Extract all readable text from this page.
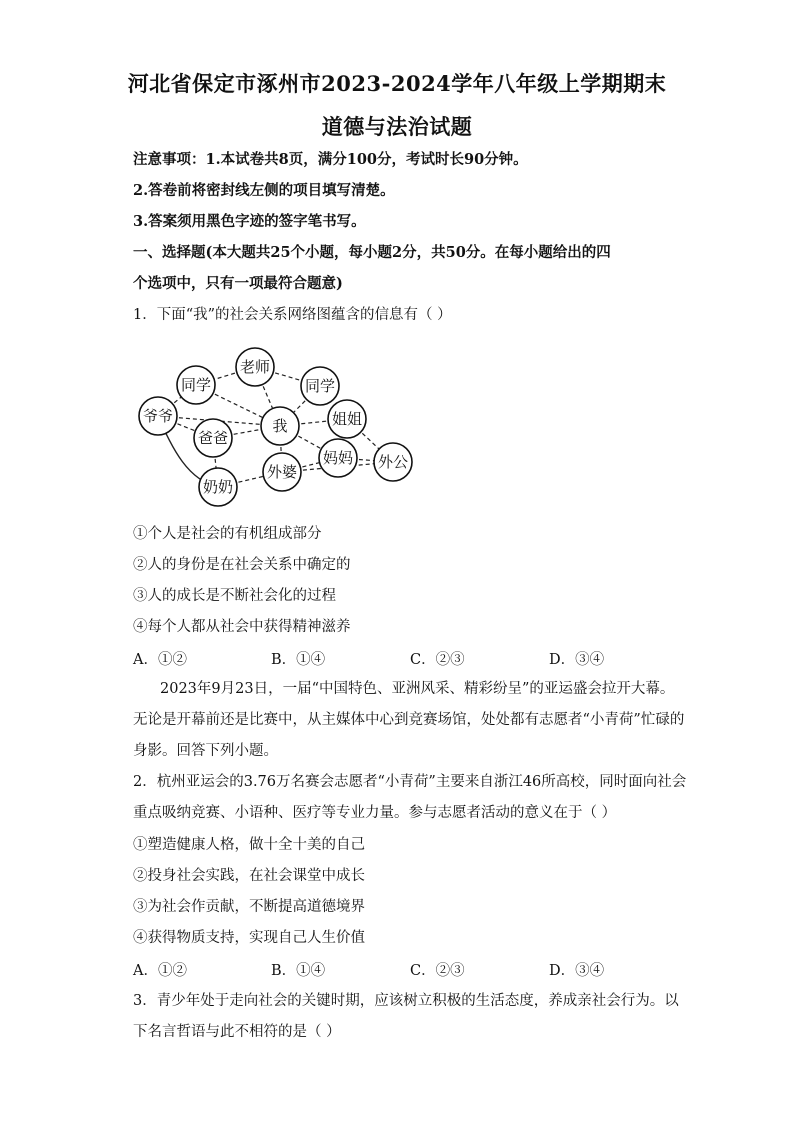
河北省保定市涿州市2023-2024学年八年级上学期期末
道德与法治试题
注意事项：1.本试卷共8页，满分100分，考试时长90分钟。
2.答卷前将密封线左侧的项目填写清楚。
3.答案须用黑色字迹的签字笔书写。
一、选择题(本大题共25个小题，每小题2分，共50分。在每小题给出的四
个选项中，只有一项最符合题意)
1．下面“我”的社会关系网络图蕴含的信息有（ ）
老师
同学	同学
爷爷
我	姐姐
爸爸
外婆
妈妈 外公
奶奶
①个人是社会的有机组成部分
②人的身份是在社会关系中确定的
③人的成长是不断社会化的过程
④每个人都从社会中获得精神滋养
A．①②	B．①④	C．②③	D．③④
2023年9月23日，一届“中国特色、亚洲风采、精彩纷呈”的亚运盛会拉开大幕。
无论是开幕前还是比赛中，从主媒体中心到竞赛场馆，处处都有志愿者“小青荷”忙碌的
身影。回答下列小题。
2．杭州亚运会的3.76万名赛会志愿者“小青荷”主要来自浙江46所高校，同时面向社会
重点吸纳竞赛、小语种、医疗等专业力量。参与志愿者活动的意义在于（ ）
①塑造健康人格，做十全十美的自己
②投身社会实践，在社会课堂中成长
③为社会作贡献，不断提高道德境界
④获得物质支持，实现自己人生价值
A．①②	B．①④	C．②③	D．③④
3．青少年处于走向社会的关键时期，应该树立积极的生活态度，养成亲社会行为。以
下名言哲语与此不相符的是（ ）
